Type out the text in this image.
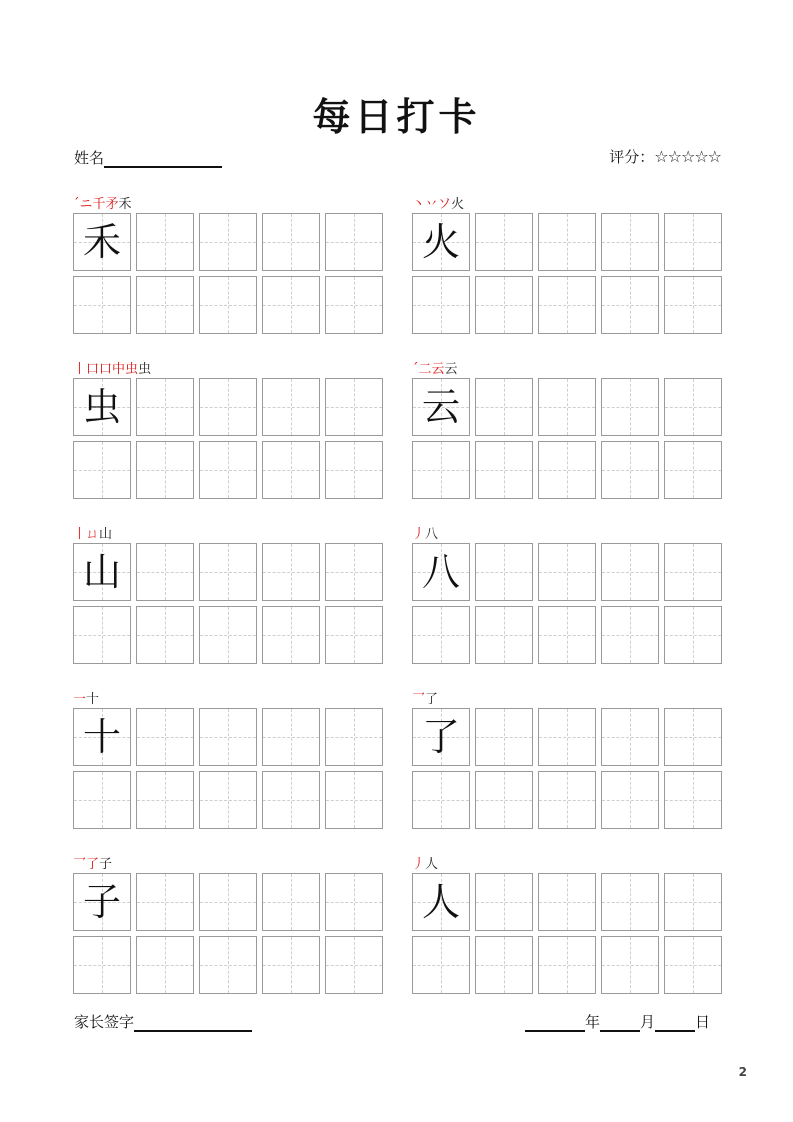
每日打卡
姓名	评分：☆☆☆☆☆
ˊニ千矛禾
禾
丶丷ソ火
火
丨口口中虫虫
虫
ˊ二云云
云
丨ㄩ山
山
丿八
八
一十
十
乛了
了
乛了子
子
丿人
人
家长签字	年	月	日
2
